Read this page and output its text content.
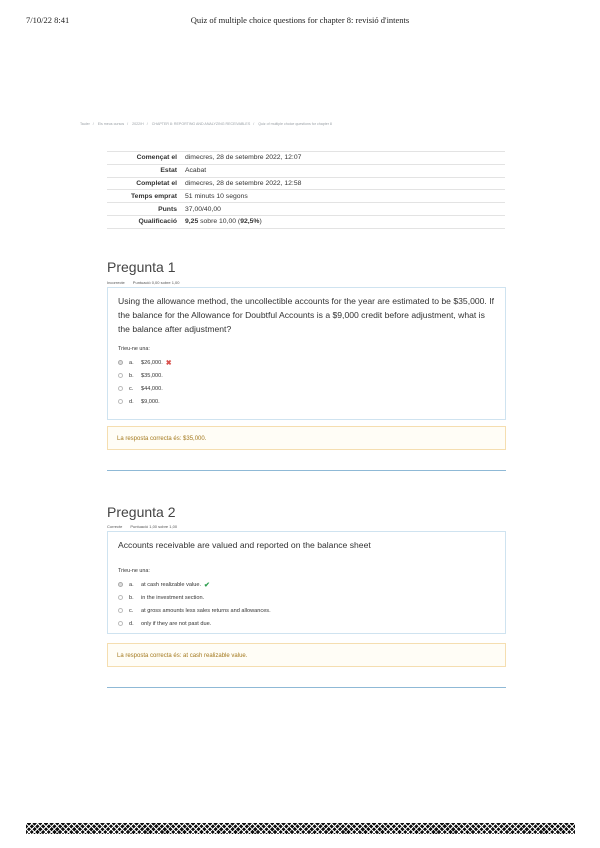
Quiz of multiple choice questions for chapter 8: revisió d'intents
7/10/22 8:41
Tauler / Els meus cursos / 2022/H / CHAPTER 8: REPORTING AND ANALYZING RECEIVABLES / Quiz of multiple choice questions for chapter 8
Començat el	dimecres, 28 de setembre 2022, 12:07
Estat	Acabat
Completat el	dimecres, 28 de setembre 2022, 12:58
Temps emprat	51 minuts 10 segons
Punts	37,00/40,00
Qualificació	9,25 sobre 10,00 (92,5%)
Pregunta 1
Incorrecte Puntuació 0,00 sobre 1,00
Using the allowance method, the uncollectible accounts for the year are estimated to be $35,000. If the balance for the Allowance for Doubtful Accounts is a $9,000 credit before adjustment, what is the balance after adjustment?
Trieu-ne una:
a.	$26,000. ✖
b.	$35,000.
c.	$44,000.
d.	$9,000.
La resposta correcta és: $35,000.
Pregunta 2
Correcte Puntuació 1,00 sobre 1,00
Accounts receivable are valued and reported on the balance sheet
Trieu-ne una:
a.	at cash realizable value. ✔
b.	in the investment section.
c.	at gross amounts less sales returns and allowances.
d.	only if they are not past due.
La resposta correcta és: at cash realizable value.
